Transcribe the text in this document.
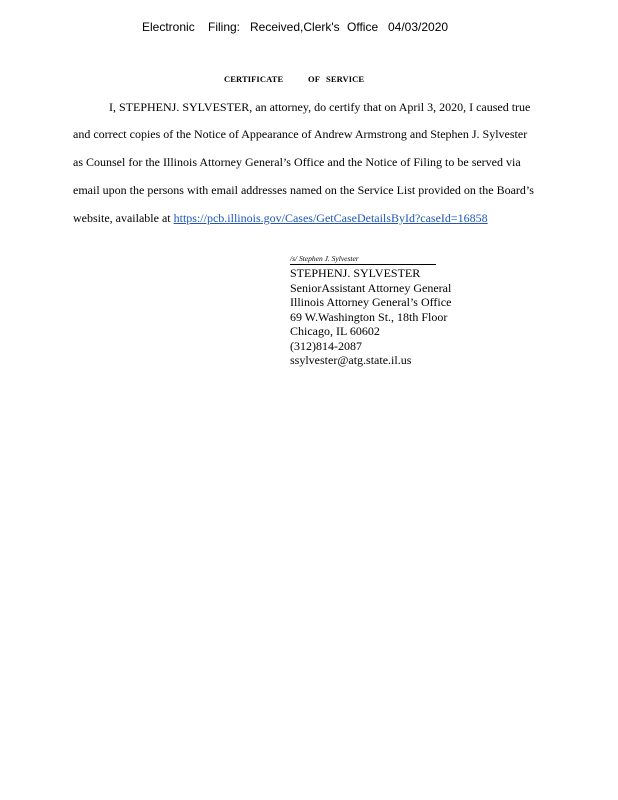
Electronic Filing: Received,Clerk's Office 04/03/2020
CERTIFICATE	OF SERVICE
I, STEPHENJ. SYLVESTER, an attorney, do certify that on April 3, 2020, I caused true
and correct copies of the Notice of Appearance of Andrew Armstrong and Stephen J. Sylvester
as Counsel for the Illinois Attorney General’s Office and the Notice of Filing to be served via
email upon the persons with email addresses named on the Service List provided on the Board’s
website, available at https://pcb.illinois.gov/Cases/GetCaseDetailsById?caseId=16858
/s/ Stephen J. Sylvester
STEPHENJ. SYLVESTER
SeniorAssistant Attorney General
Illinois Attorney General’s Office
69 W.Washington St., 18th Floor
Chicago, IL 60602
(312)814-2087
ssylvester@atg.state.il.us
